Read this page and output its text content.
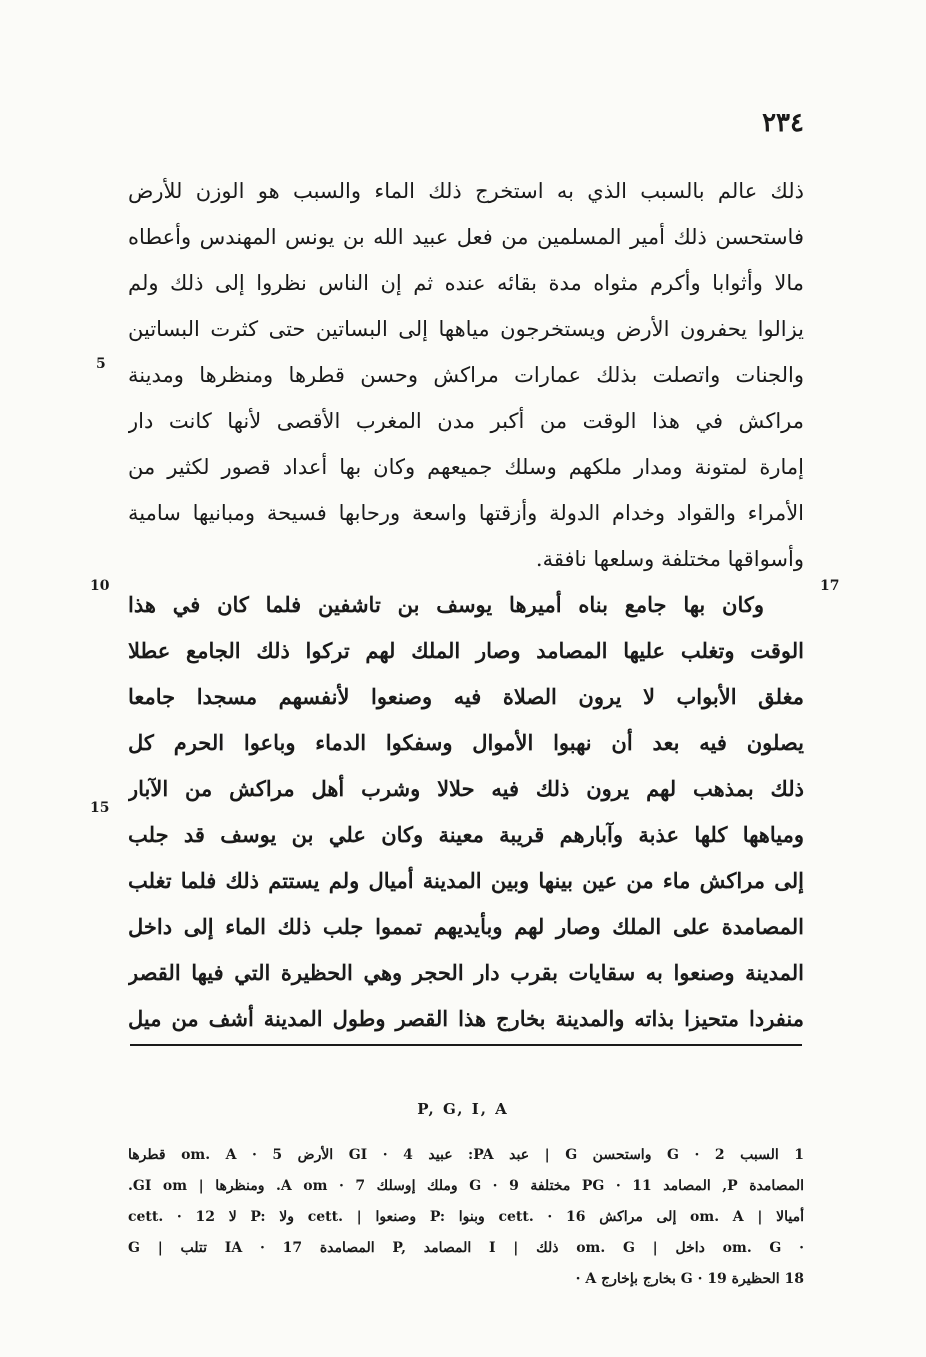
٢٣٤
ذلك عالم بالسبب الذي به استخرج ذلك الماء والسبب هو الوزن للأرض
فاستحسن ذلك أمير المسلمين من فعل عبيد الله بن يونس المهندس وأعطاه
مالا وأثوابا وأكرم مثواه مدة بقائه عنده ثم إن الناس نظروا إلى ذلك ولم
يزالوا يحفرون الأرض ويستخرجون مياهها إلى البساتين حتى كثرت البساتين
والجنات واتصلت بذلك عمارات مراكش وحسن قطرها ومنظرها ومدينة
مراكش في هذا الوقت من أكبر مدن المغرب الأقصى لأنها كانت دار
إمارة لمتونة ومدار ملكهم وسلك جميعهم وكان بها أعداد قصور لكثير من
الأمراء والقواد وخدام الدولة وأزقتها واسعة ورحابها فسيحة ومبانيها سامية
وأسواقها مختلفة وسلعها نافقة.
وكان بها جامع بناه أميرها يوسف بن تاشفين فلما كان في هذا
الوقت وتغلب عليها المصامد وصار الملك لهم تركوا ذلك الجامع عطلا
مغلق الأبواب لا يرون الصلاة فيه وصنعوا لأنفسهم مسجدا جامعا
يصلون فيه بعد أن نهبوا الأموال وسفكوا الدماء وباعوا الحرم كل
ذلك بمذهب لهم يرون ذلك فيه حلالا وشرب أهل مراكش من الآبار
ومياهها كلها عذبة وآبارهم قريبة معينة وكان علي بن يوسف قد جلب
إلى مراكش ماء من عين بينها وبين المدينة أميال ولم يستتم ذلك فلما تغلب
المصامدة على الملك وصار لهم وبأيديهم تمموا جلب ذلك الماء إلى داخل
المدينة وصنعوا به سقايات بقرب دار الحجر وهي الحظيرة التي فيها القصر
منفردا متحيزا بذاته والمدينة بخارج هذا القصر وطول المدينة أشف من ميل
5
10
15
17
P, G, I, A
1 السبب G · 2 واستحسن G | عبد PA: عبيد GI · 4 الأرض om. A · 5 قطرها
المصامدة P, المصامد 11 · PG مختلفة 9 · G وملك إوسلك 7 · A om. ومنظرها | GI om.
cett. · 12 لا P: ولا cett. | وصنعوا P: وبنوا cett. · 16 إلى مراكش om. A | أميالا
G | تتلب IA · 17 المصامدة P, المصامد I | ذلك om. G | داخل om. G ·
18 الحظيرة G · 19 بخارج بإخارج A ·
